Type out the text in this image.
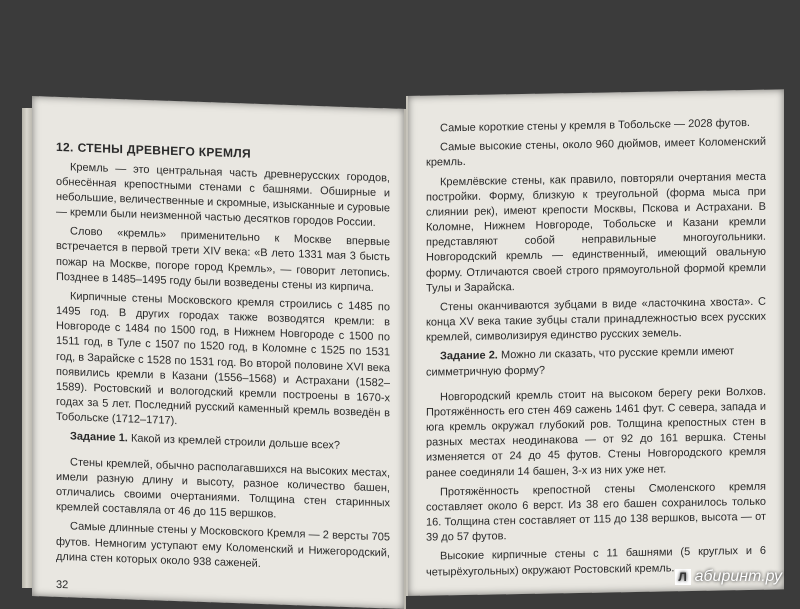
12. СТЕНЫ ДРЕВНЕГО КРЕМЛЯ

Кремль — это центральная часть древнерусских городов, обнесённая крепостными стенами с башнями. Обширные и небольшие, величественные и скромные, изысканные и суровые — кремли были неизменной частью десятков городов России.

Слово «кремль» применительно к Москве впервые встречается в первой трети XIV века: «В лето 1331 мая 3 бысть пожар на Москве, погоре город Кремль», — говорит летопись. Позднее в 1485–1495 году были возведены стены из кирпича.

Кирпичные стены Московского кремля строились с 1485 по 1495 год. В других городах также возводятся кремли: в Новгороде с 1484 по 1500 год, в Нижнем Новгороде с 1500 по 1511 год, в Туле с 1507 по 1520 год, в Коломне с 1525 по 1531 год, в Зарайске с 1528 по 1531 год. Во второй половине XVI века появились кремли в Казани (1556–1568) и Астрахани (1582–1589). Ростовский и вологодский кремли построены в 1670-х годах за 5 лет. Последний русский каменный кремль возведён в Тобольске (1712–1717).

Задание 1. Какой из кремлей строили дольше всех?

Стены кремлей, обычно располагавшихся на высоких местах, имели разную длину и высоту, разное количество башен, отличались своими очертаниями. Толщина стен старинных кремлей составляла от 46 до 115 вершков.

Самые длинные стены у Московского Кремля — 2 версты 705 футов. Немногим уступают ему Коломенский и Нижегородский, длина стен которых около 938 саженей.

32

Самые короткие стены у кремля в Тобольске — 2028 футов.

Самые высокие стены, около 960 дюймов, имеет Коломенский кремль.

Кремлёвские стены, как правило, повторяли очертания места постройки. Форму, близкую к треугольной (форма мыса при слиянии рек), имеют крепости Москвы, Пскова и Астрахани. В Коломне, Нижнем Новгороде, Тобольске и Казани кремли представляют собой неправильные многоугольники. Новгородский кремль — единственный, имеющий овальную форму. Отличаются своей строго прямоугольной формой кремли Тулы и Зарайска.

Стены оканчиваются зубцами в виде «ласточкина хвоста». С конца XV века такие зубцы стали принадлежностью всех русских кремлей, символизируя единство русских земель.

Задание 2. Можно ли сказать, что русские кремли имеют симметричную форму?

Новгородский кремль стоит на высоком берегу реки Волхов. Протяжённость его стен 469 сажень 1461 фут. С севера, запада и юга кремль окружал глубокий ров. Толщина крепостных стен в разных местах неодинакова — от 92 до 161 вершка. Стены изменяется от 24 до 45 футов. Стены Новгородского кремля ранее соединяли 14 башен, 3-х из них уже нет.

Протяжённость крепостной стены Смоленского кремля составляет около 6 верст. Из 38 его башен сохранилось только 16. Толщина стен составляет от 115 до 138 вершков, высота — от 39 до 57 футов.

Высокие кирпичные стены с 11 башнями (5 круглых и 6 четырёхугольных) окружают Ростовский кремль. Л абиринт.ру
